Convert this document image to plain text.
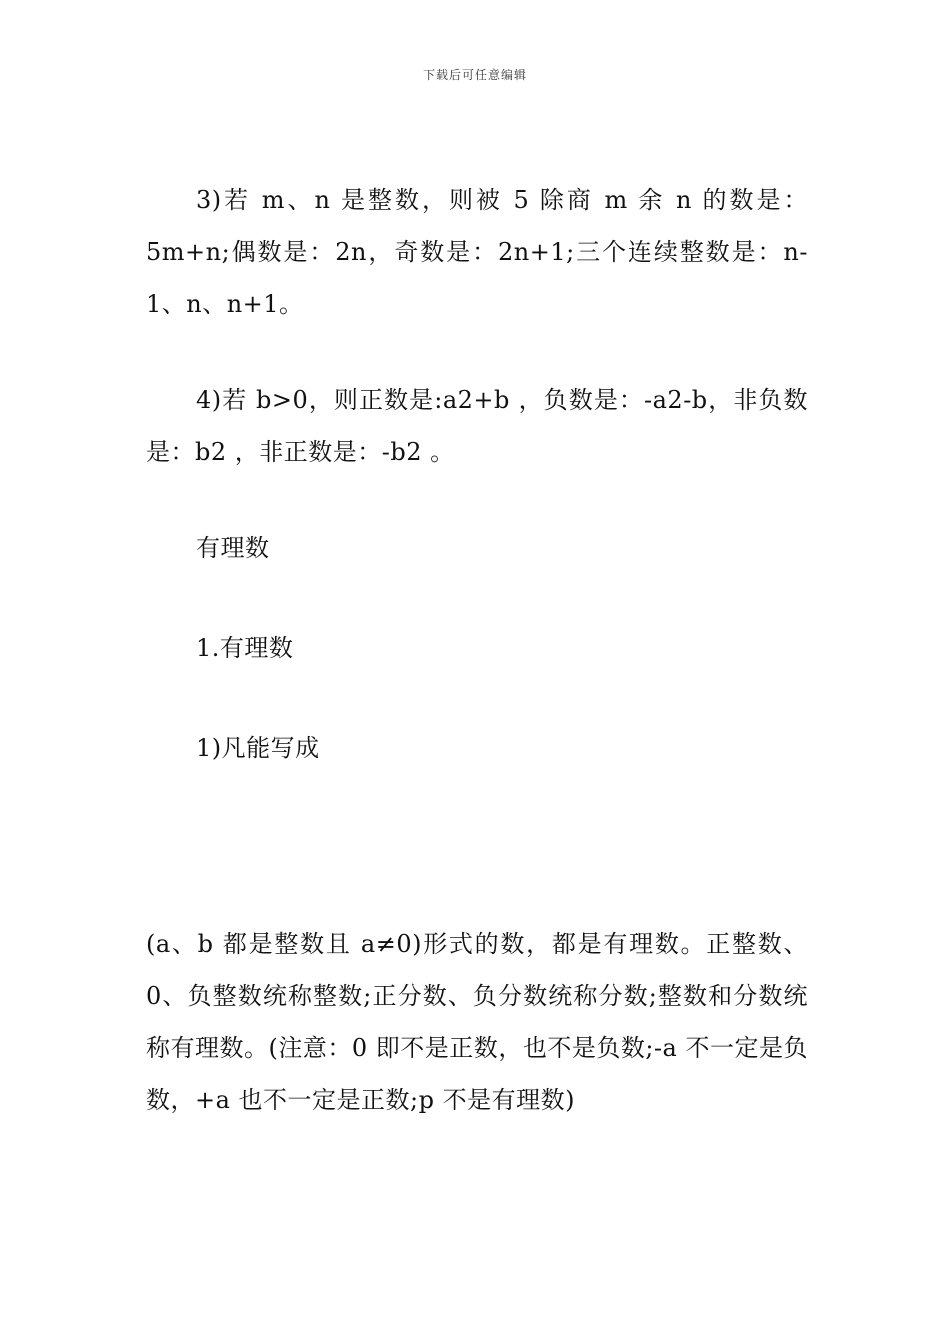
下载后可任意编辑

3)若 m、n 是整数，则被 5 除商 m 余 n 的数是：5m+n;偶数是：2n，奇数是：2n+1;三个连续整数是：n-1、n、n+1。

4)若 b>0，则正数是:a2+b ，负数是：-a2-b，非负数是：b2 ，非正数是：-b2 。

有理数

1.有理数

1)凡能写成

(a、b 都是整数且 a≠0)形式的数，都是有理数。正整数、0、负整数统称整数;正分数、负分数统称分数;整数和分数统称有理数。(注意：0 即不是正数，也不是负数;-a 不一定是负数，+a 也不一定是正数;p 不是有理数)
